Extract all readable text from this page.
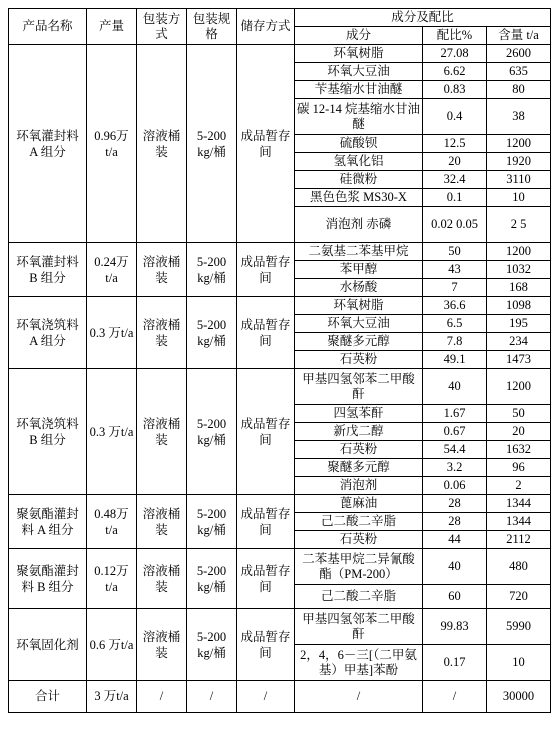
产品名称	产量	包装方式	包装规格	储存方式	成分及配比		
					成分	配比%	含量 t/a
环氧灌封料 A 组分	0.96万 t/a	溶液桶装	5-200 kg/桶	成品暂存间	环氧树脂	27.08	2600
					环氧大豆油	6.62	635
					苄基缩水甘油醚	0.83	80
					碳 12-14 烷基缩水甘油醚	0.4	38
					硫酸钡	12.5	1200
					氢氧化铝	20	1920
					硅微粉	32.4	3110
					黑色色浆 MS30-X	0.1	10
					消泡剂 赤磷	0.02 0.05	2 5
环氧灌封料 B 组分	0.24万 t/a	溶液桶装	5-200 kg/桶	成品暂存间	二氨基二苯基甲烷	50	1200
					苯甲醇	43	1032
					水杨酸	7	168
环氧浇筑料 A 组分	0.3 万t/a	溶液桶装	5-200 kg/桶	成品暂存间	环氧树脂	36.6	1098
					环氧大豆油	6.5	195
					聚醚多元醇	7.8	234
					石英粉	49.1	1473
环氧浇筑料 B 组分	0.3 万t/a	溶液桶装	5-200 kg/桶	成品暂存间	甲基四氢邻苯二甲酸酐	40	1200
					四氢苯酐	1.67	50
					新戊二醇	0.67	20
					石英粉	54.4	1632
					聚醚多元醇	3.2	96
					消泡剂	0.06	2
聚氨酯灌封料 A 组分	0.48万 t/a	溶液桶装	5-200 kg/桶	成品暂存间	蓖麻油	28	1344
					己二酸二辛脂	28	1344
					石英粉	44	2112
聚氨酯灌封料 B 组分	0.12万 t/a	溶液桶装	5-200 kg/桶	成品暂存间	二苯基甲烷二异氰酸酯（PM-200）	40	480
					己二酸二辛脂	60	720
环氧固化剂	0.6 万t/a	溶液桶装	5-200 kg/桶	成品暂存间	甲基四氢邻苯二甲酸酐	99.83	5990
					2，4，6－三[（二甲氨基）甲基]苯酚	0.17	10
合计	3 万t/a	/	/	/	/	/	30000
